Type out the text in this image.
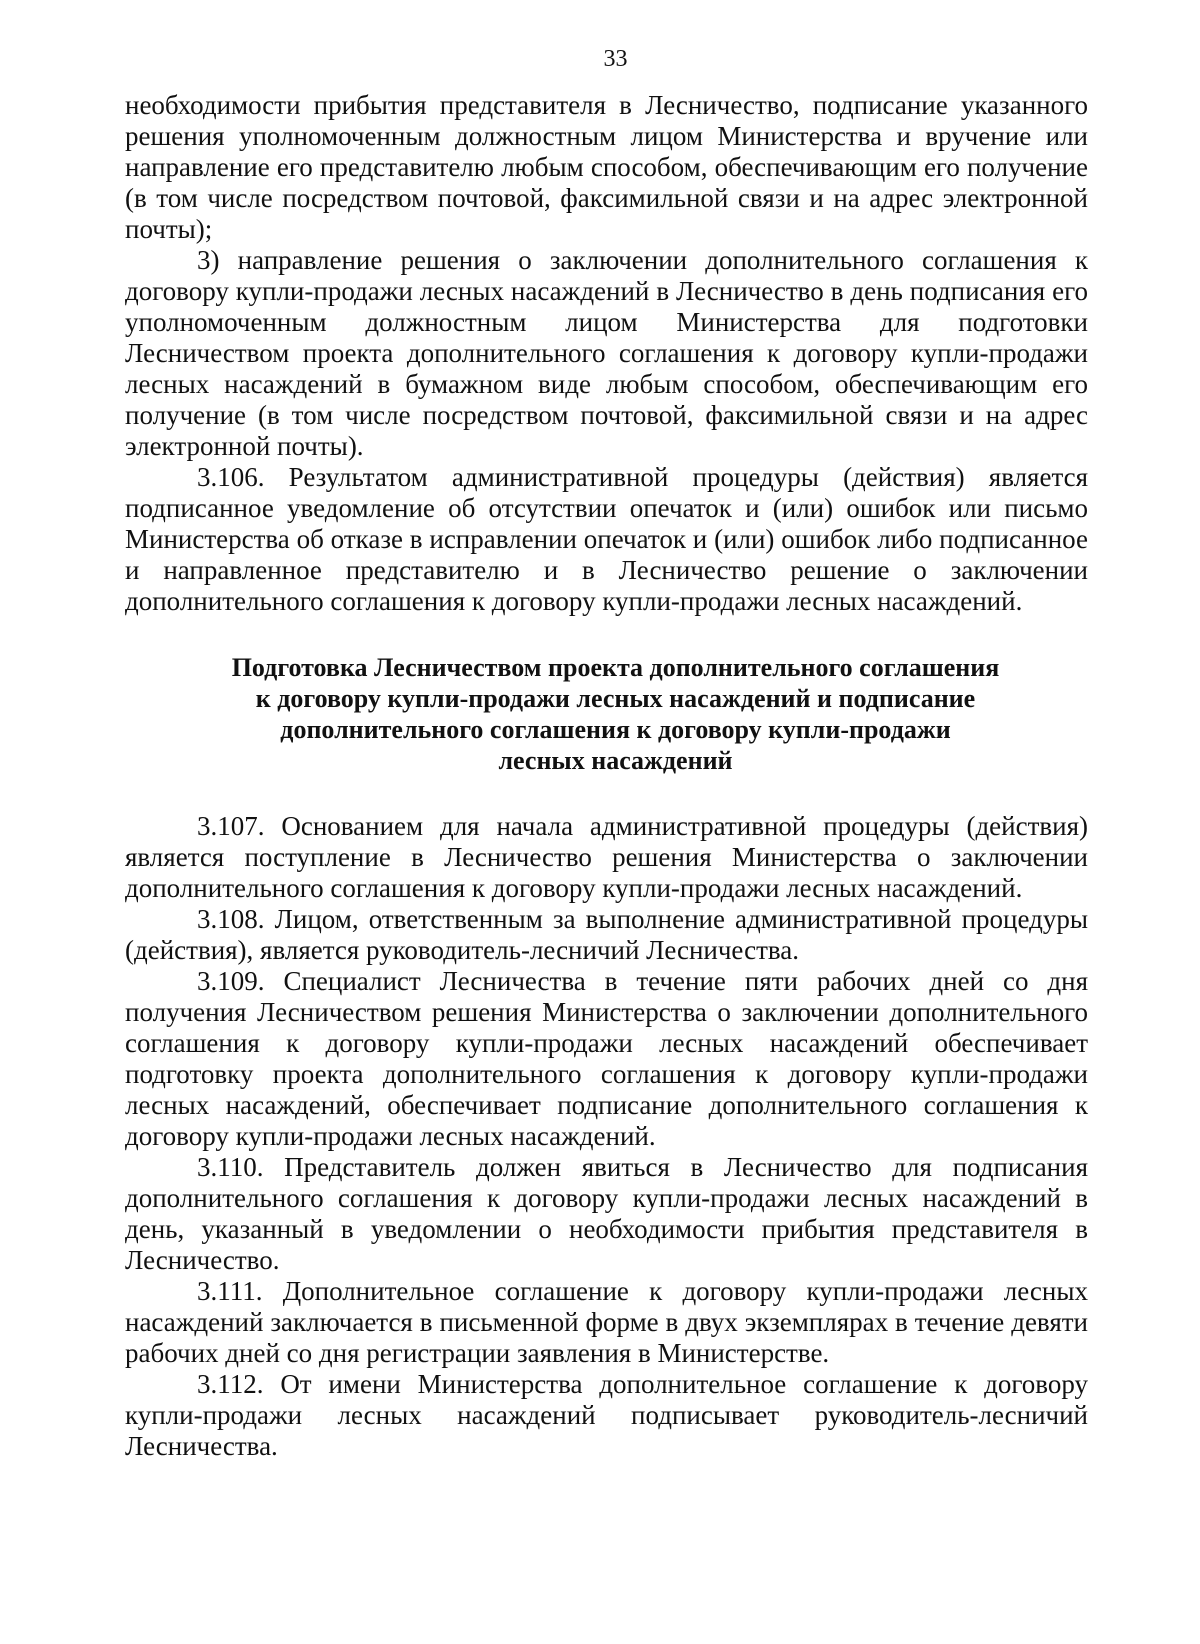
33

необходимости прибытия представителя в Лесничество, подписание указанного решения уполномоченным должностным лицом Министерства и вручение или направление его представителю любым способом, обеспечивающим его получение (в том числе посредством почтовой, факсимильной связи и на адрес электронной почты);

3) направление решения о заключении дополнительного соглашения к договору купли-продажи лесных насаждений в Лесничество в день подписания его уполномоченным должностным лицом Министерства для подготовки Лесничеством проекта дополнительного соглашения к договору купли-продажи лесных насаждений в бумажном виде любым способом, обеспечивающим его получение (в том числе посредством почтовой, факсимильной связи и на адрес электронной почты).

3.106. Результатом административной процедуры (действия) является подписанное уведомление об отсутствии опечаток и (или) ошибок или письмо Министерства об отказе в исправлении опечаток и (или) ошибок либо подписанное и направленное представителю и в Лесничество решение о заключении дополнительного соглашения к договору купли-продажи лесных насаждений.

Подготовка Лесничеством проекта дополнительного соглашения
к договору купли-продажи лесных насаждений и подписание
дополнительного соглашения к договору купли-продажи
лесных насаждений

3.107. Основанием для начала административной процедуры (действия) является поступление в Лесничество решения Министерства о заключении дополнительного соглашения к договору купли-продажи лесных насаждений.

3.108. Лицом, ответственным за выполнение административной процедуры (действия), является руководитель-лесничий Лесничества.

3.109. Специалист Лесничества в течение пяти рабочих дней со дня получения Лесничеством решения Министерства о заключении дополнительного соглашения к договору купли-продажи лесных насаждений обеспечивает подготовку проекта дополнительного соглашения к договору купли-продажи лесных насаждений, обеспечивает подписание дополнительного соглашения к договору купли-продажи лесных насаждений.

3.110. Представитель должен явиться в Лесничество для подписания дополнительного соглашения к договору купли-продажи лесных насаждений в день, указанный в уведомлении о необходимости прибытия представителя в Лесничество.

3.111. Дополнительное соглашение к договору купли-продажи лесных насаждений заключается в письменной форме в двух экземплярах в течение девяти рабочих дней со дня регистрации заявления в Министерстве.

3.112. От имени Министерства дополнительное соглашение к договору купли-продажи лесных насаждений подписывает руководитель-лесничий Лесничества.
